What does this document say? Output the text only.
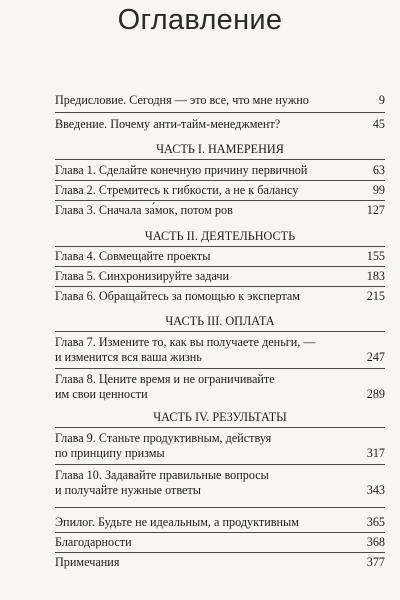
Оглавление
Предисловие. Сегодня — это все, что мне нужно	9
Введение. Почему анти-тайм-менеджмент?	45
ЧАСТЬ I. НАМЕРЕНИЯ
Глава 1. Сделайте конечную причину первичной	63
Глава 2. Стремитесь к гибкости, а не к балансу	99
Глава 3. Сначала за́мок, потом ров	127
ЧАСТЬ II. ДЕЯТЕЛЬНОСТЬ
Глава 4. Совмещайте проекты	155
Глава 5. Синхронизируйте задачи	183
Глава 6. Обращайтесь за помощью к экспертам	215
ЧАСТЬ III. ОПЛАТА
Глава 7. Измените то, как вы получаете деньги, —
и изменится вся ваша жизнь	247
Глава 8. Цените время и не ограничивайте
им свои ценности	289
ЧАСТЬ IV. РЕЗУЛЬТАТЫ
Глава 9. Станьте продуктивным, действуя
по принципу призмы	317
Глава 10. Задавайте правильные вопросы
и получайте нужные ответы	343
Эпилог. Будьте не идеальным, а продуктивным	365
Благодарности	368
Примечания	377
